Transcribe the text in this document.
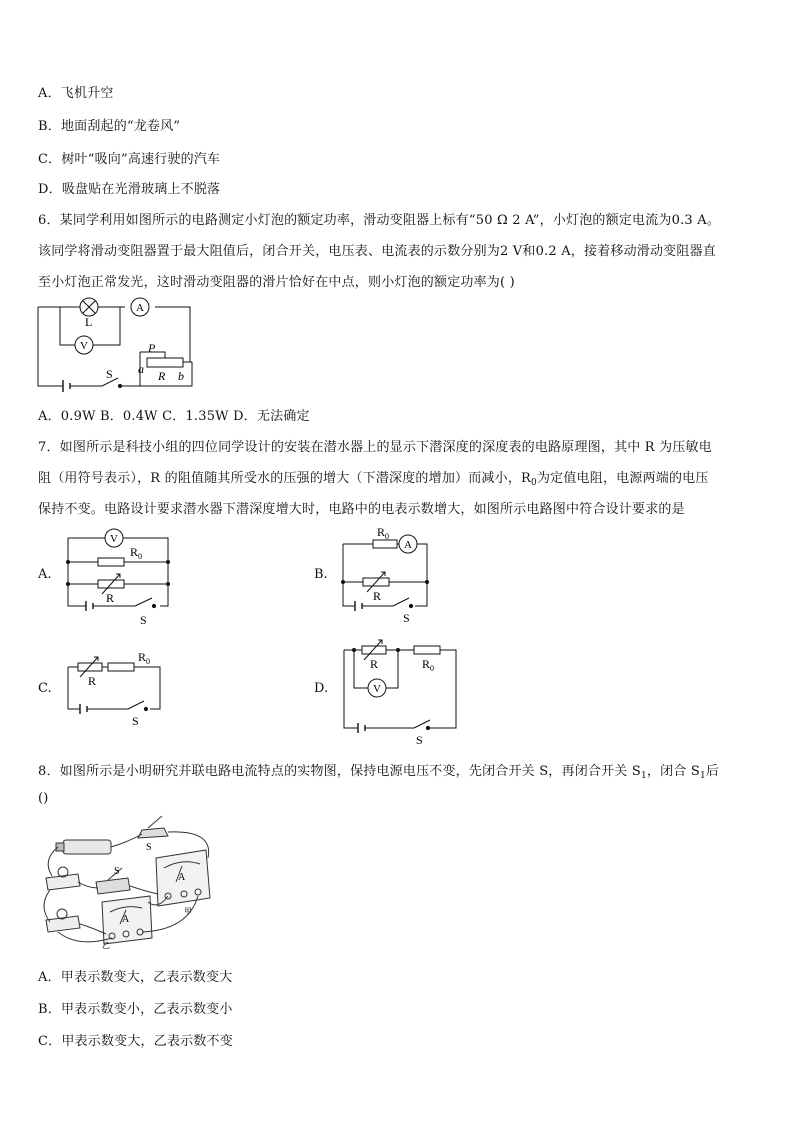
A．飞机升空
B．地面刮起的“龙卷风”
C．树叶“吸向”高速行驶的汽车
D．吸盘贴在光滑玻璃上不脱落
6．某同学利用如图所示的电路测定小灯泡的额定功率，滑动变阻器上标有“50 Ω 2 A”，小灯泡的额定电流为0.3 A。
该同学将滑动变阻器置于最大阻值后，闭合开关，电压表、电流表的示数分别为2 V和0.2 A，接着移动滑动变阻器直
至小灯泡正常发光，这时滑动变阻器的滑片恰好在中点，则小灯泡的额定功率为( )
L
A
V	P
R
a	b
S
A．0.9W B．0.4W C．1.35W D．无法确定
7．如图所示是科技小组的四位同学设计的安装在潜水器上的显示下潜深度的深度表的电路原理图，其中 R 为压敏电
阻（用符号表示），R 的阻值随其所受水的压强的增大（下潜深度的增加）而减小，$R_0$为定值电阻，电源两端的电压
保持不变。电路设计要求潜水器下潜深度增大时，电路中的电表示数增大，如图所示电路图中符合设计要求的是
A.
V
$R_0$
R
S
B.
$R_0$
A
R
S
C.
$R_0$
R
S
D.
R	$R_0$
V
S
8．如图所示是小明研究并联电路电流特点的实物图，保持电源电压不变，先闭合开关 S，再闭合开关 $S_1$，闭合 $S_1$后
()
S
S
A
甲
A
乙
A．甲表示数变大，乙表示数变大
B．甲表示数变小，乙表示数变小
C．甲表示数变大，乙表示数不变
